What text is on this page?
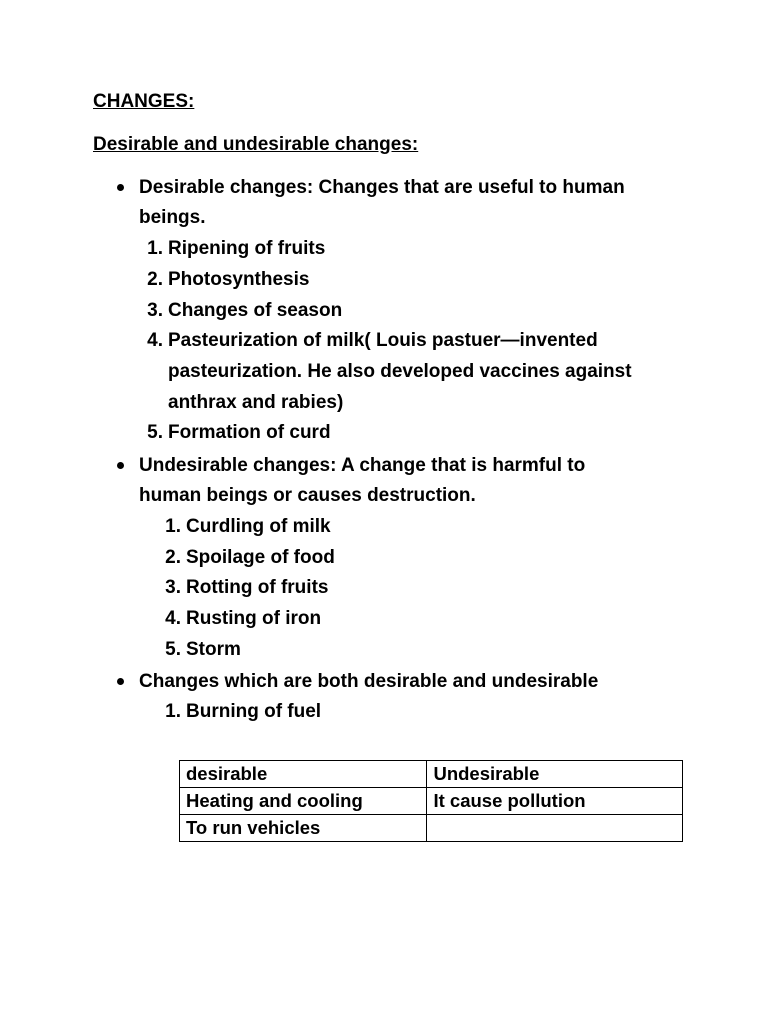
CHANGES:
Desirable and undesirable changes:
Desirable changes: Changes that are useful to human
beings.
1. Ripening of fruits
2. Photosynthesis
3. Changes of season
4. Pasteurization of milk( Louis pastuer—invented
pasteurization. He also developed vaccines against
anthrax and rabies)
5. Formation of curd
Undesirable changes: A change that is harmful to
human beings or causes destruction.
1. Curdling of milk
2. Spoilage of food
3. Rotting of fruits
4. Rusting of iron
5. Storm
Changes which are both desirable and undesirable
1. Burning of fuel
desirable	Undesirable
Heating and cooling	It cause pollution
To run vehicles	
